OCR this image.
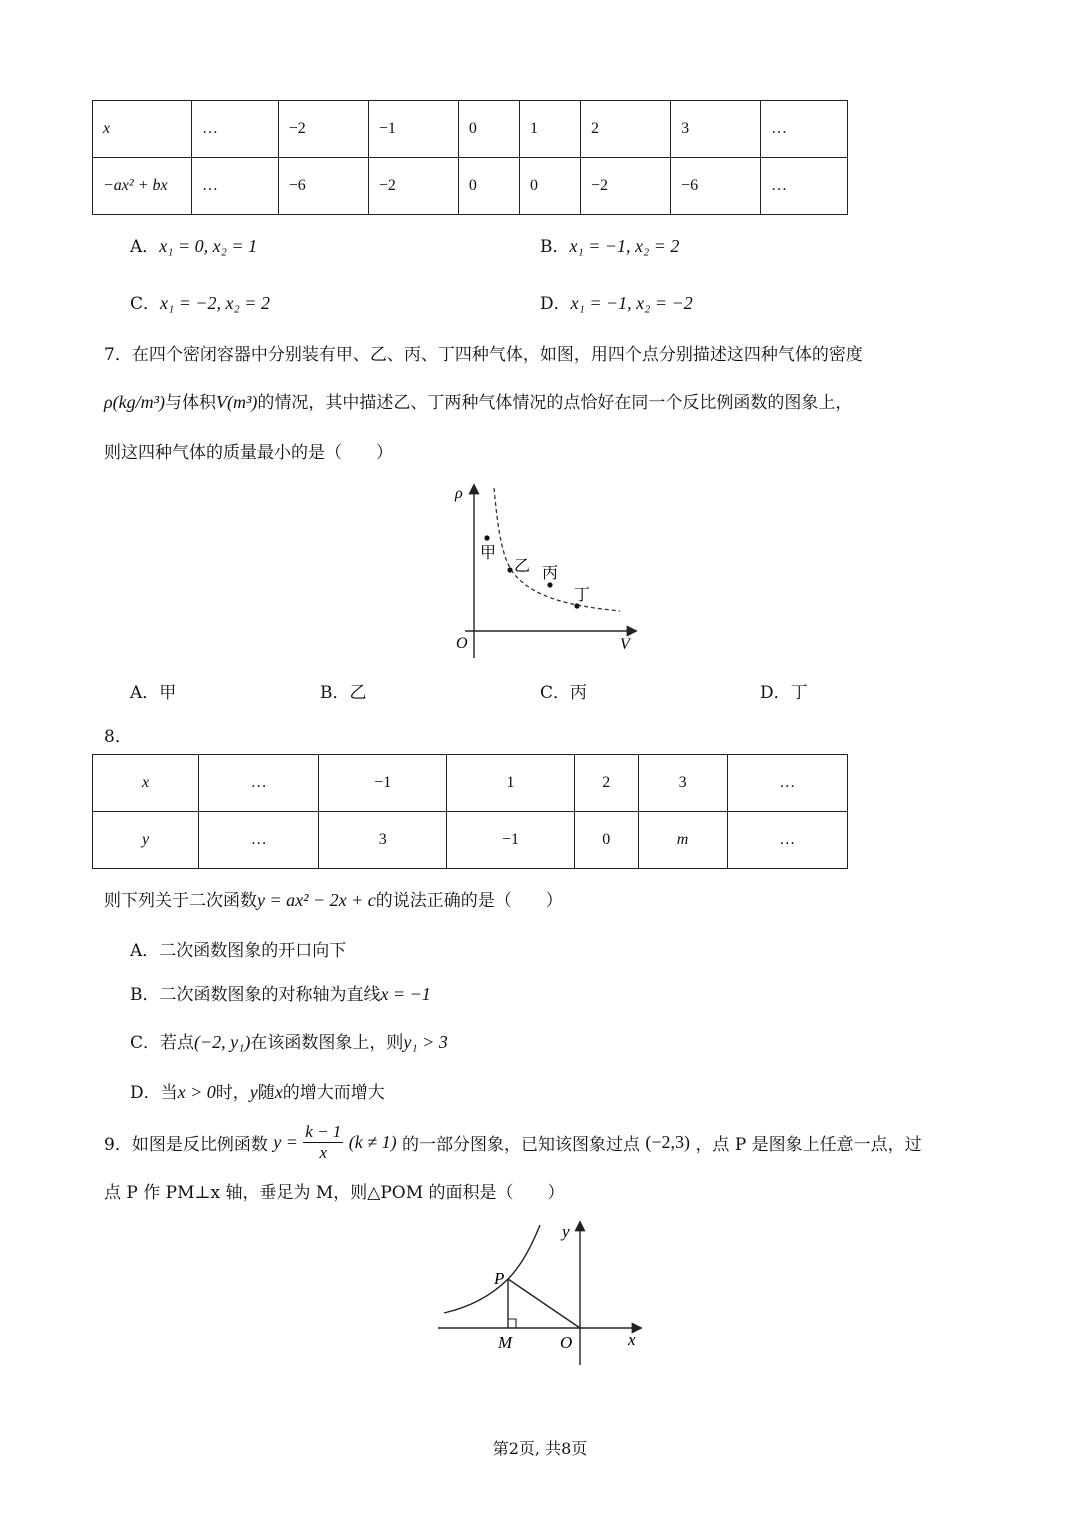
x	…	−2	−1	0	1	2	3	…
−ax² + bx	…	−6	−2	0	0	−2	−6	…
A．x₁ = 0, x₂ = 1	B．x₁ = −1, x₂ = 2
C．x₁ = −2, x₂ = 2	D．x₁ = −1, x₂ = −2
7．在四个密闭容器中分别装有甲、乙、丙、丁四种气体，如图，用四个点分别描述这四种气体的密度
ρ(kg/m³)与体积V(m³)的情况，其中描述乙、丁两种气体情况的点恰好在同一个反比例函数的图象上，
则这四种气体的质量最小的是（　　）
ρ
V
O
甲
乙 丙
丁
A．甲	B．乙	C．丙	D．丁
8．
x	…	−1	1	2	3	…
y	…	3	−1	0	m	…
则下列关于二次函数y = ax² − 2x + c的说法正确的是（　　）
A．二次函数图象的开口向下
B．二次函数图象的对称轴为直线x = −1
C．若点(−2, y₁)在该函数图象上，则y₁ > 3
D．当x > 0时，y随x的增大而增大
9．如图是反比例函数 $y = \frac{k - 1}{x} (k \ne 1)$ 的一部分图象，已知该图象过点 (−2,3) ，点 P 是图象上任意一点，过
点 P 作 PM⊥x 轴，垂足为 M，则△POM 的面积是（　　）
P
M	O	x
y
第2页, 共8页
